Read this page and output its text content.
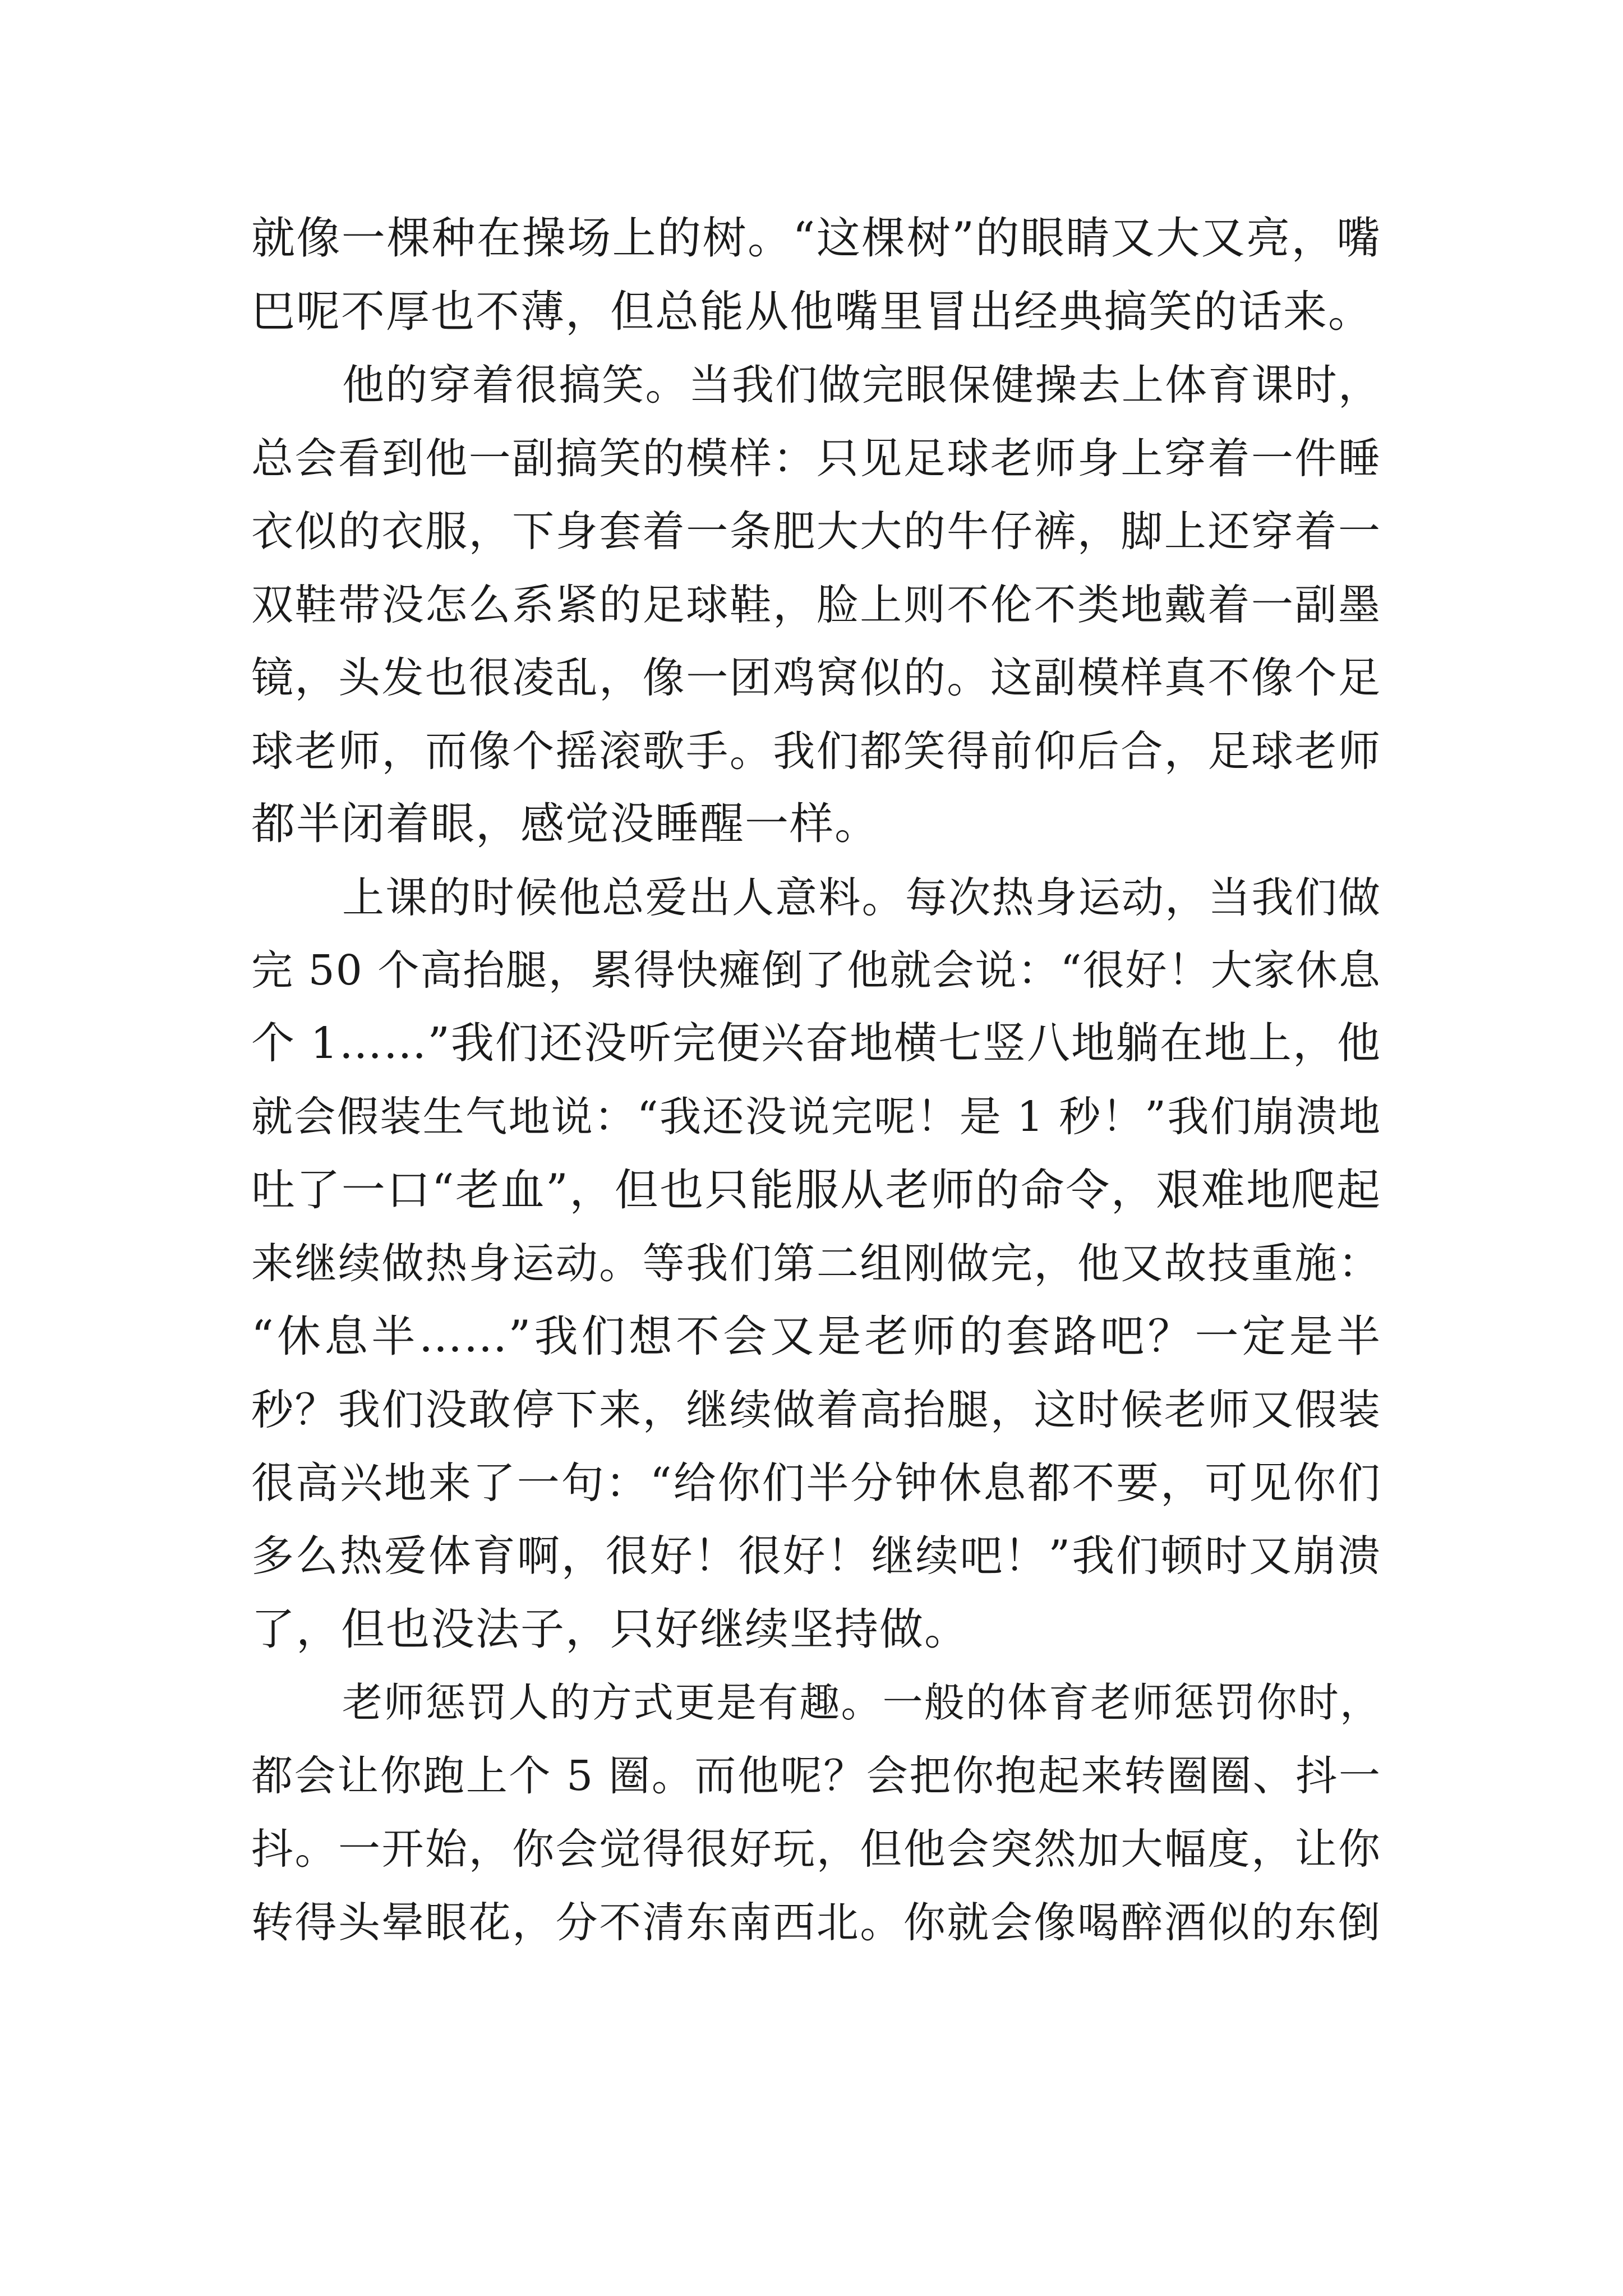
就像一棵种在操场上的树。“这棵树”的眼睛又大又亮，嘴
巴呢不厚也不薄，但总能从他嘴里冒出经典搞笑的话来。
他的穿着很搞笑。当我们做完眼保健操去上体育课时，
总会看到他一副搞笑的模样：只见足球老师身上穿着一件睡
衣似的衣服，下身套着一条肥大大的牛仔裤，脚上还穿着一
双鞋带没怎么系紧的足球鞋，脸上则不伦不类地戴着一副墨
镜，头发也很凌乱，像一团鸡窝似的。这副模样真不像个足
球老师，而像个摇滚歌手。我们都笑得前仰后合，足球老师
都半闭着眼，感觉没睡醒一样。
上课的时候他总爱出人意料。每次热身运动，当我们做
完 50 个高抬腿，累得快瘫倒了他就会说：“很好！大家休息
个 1……”我们还没听完便兴奋地横七竖八地躺在地上，他
就会假装生气地说：“我还没说完呢！是 1 秒！”我们崩溃地
吐了一口“老血”，但也只能服从老师的命令，艰难地爬起
来继续做热身运动。等我们第二组刚做完，他又故技重施：
“休息半……”我们想不会又是老师的套路吧？一定是半
秒？我们没敢停下来，继续做着高抬腿，这时候老师又假装
很高兴地来了一句：“给你们半分钟休息都不要，可见你们
多么热爱体育啊，很好！很好！继续吧！”我们顿时又崩溃
了，但也没法子，只好继续坚持做。
老师惩罚人的方式更是有趣。一般的体育老师惩罚你时，
都会让你跑上个 5 圈。而他呢？会把你抱起来转圈圈、抖一
抖。一开始，你会觉得很好玩，但他会突然加大幅度，让你
转得头晕眼花，分不清东南西北。你就会像喝醉酒似的东倒
